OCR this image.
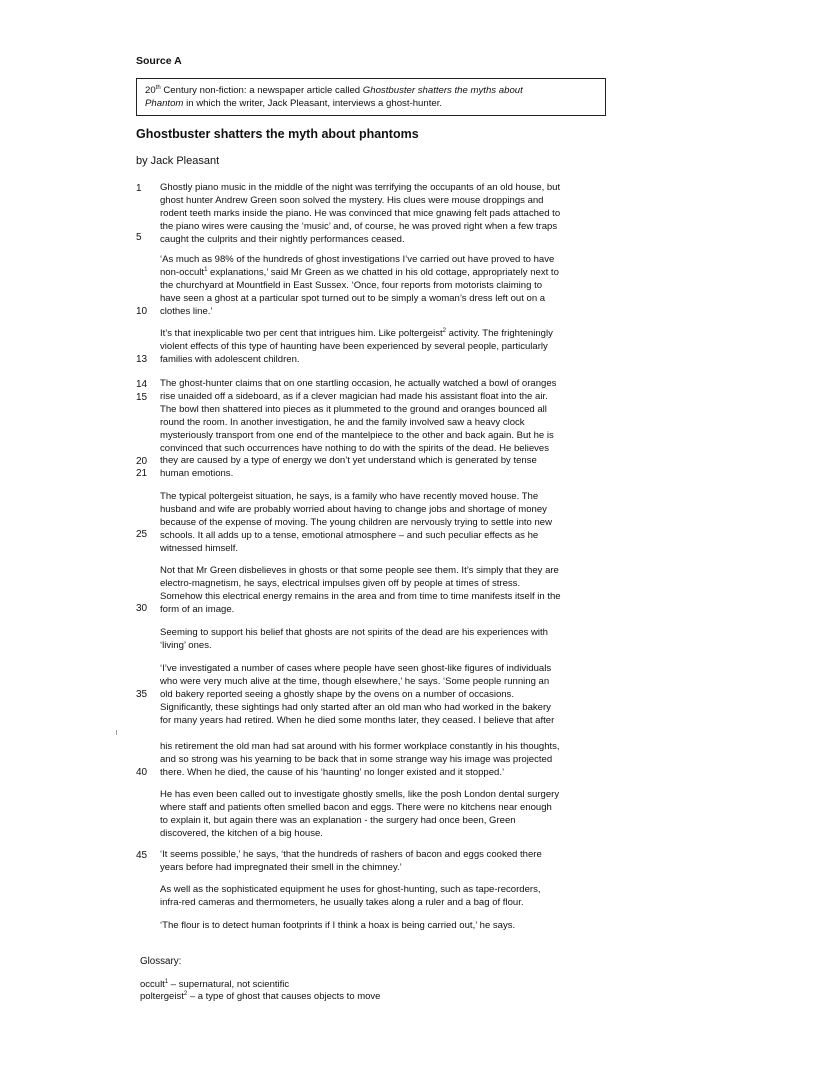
Source A
20th Century non-fiction: a newspaper article called Ghostbuster shatters the myths about
Phantom in which the writer, Jack Pleasant, interviews a ghost-hunter.
Ghostbuster shatters the myth about phantoms
by Jack Pleasant
1
5
Ghostly piano music in the middle of the night was terrifying the occupants of an old house, but
ghost hunter Andrew Green soon solved the mystery. His clues were mouse droppings and
rodent teeth marks inside the piano. He was convinced that mice gnawing felt pads attached to
the piano wires were causing the ‘music’ and, of course, he was proved right when a few traps
caught the culprits and their nightly performances ceased.
10
‘As much as 98% of the hundreds of ghost investigations I’ve carried out have proved to have
non-occult$^1$ explanations,’ said Mr Green as we chatted in his old cottage, appropriately next to
the churchyard at Mountfield in East Sussex. ‘Once, four reports from motorists claiming to
have seen a ghost at a particular spot turned out to be simply a woman’s dress left out on a
clothes line.’
13
It’s that inexplicable two per cent that intrigues him. Like poltergeist$^2$ activity. The frighteningly
violent effects of this type of haunting have been experienced by several people, particularly
families with adolescent children.
14
15
20
21
The ghost-hunter claims that on one startling occasion, he actually watched a bowl of oranges
rise unaided off a sideboard, as if a clever magician had made his assistant float into the air.
The bowl then shattered into pieces as it plummeted to the ground and oranges bounced all
round the room. In another investigation, he and the family involved saw a heavy clock
mysteriously transport from one end of the mantelpiece to the other and back again. But he is
convinced that such occurrences have nothing to do with the spirits of the dead. He believes
they are caused by a type of energy we don’t yet understand which is generated by tense
human emotions.
25
The typical poltergeist situation, he says, is a family who have recently moved house. The
husband and wife are probably worried about having to change jobs and shortage of money
because of the expense of moving. The young children are nervously trying to settle into new
schools. It all adds up to a tense, emotional atmosphere – and such peculiar effects as he
witnessed himself.
30
Not that Mr Green disbelieves in ghosts or that some people see them. It’s simply that they are
electro-magnetism, he says, electrical impulses given off by people at times of stress.
Somehow this electrical energy remains in the area and from time to time manifests itself in the
form of an image.
Seeming to support his belief that ghosts are not spirits of the dead are his experiences with
‘living’ ones.
35
‘I’ve investigated a number of cases where people have seen ghost-like figures of individuals
who were very much alive at the time, though elsewhere,’ he says. ‘Some people running an
old bakery reported seeing a ghostly shape by the ovens on a number of occasions.
Significantly, these sightings had only started after an old man who had worked in the bakery
for many years had retired. When he died some months later, they ceased. I believe that after
40
his retirement the old man had sat around with his former workplace constantly in his thoughts,
and so strong was his yearning to be back that in some strange way his image was projected
there. When he died, the cause of his ‘haunting’ no longer existed and it stopped.’
He has even been called out to investigate ghostly smells, like the posh London dental surgery
where staff and patients often smelled bacon and eggs. There were no kitchens near enough
to explain it, but again there was an explanation - the surgery had once been, Green
discovered, the kitchen of a big house.
45 ‘It seems possible,’ he says, ‘that the hundreds of rashers of bacon and eggs cooked there
years before had impregnated their smell in the chimney.’
As well as the sophisticated equipment he uses for ghost-hunting, such as tape-recorders,
infra-red cameras and thermometers, he usually takes along a ruler and a bag of flour.
‘The flour is to detect human footprints if I think a hoax is being carried out,’ he says.
Glossary:
occult$^1$ – supernatural, not scientific
poltergeist$^2$ – a type of ghost that causes objects to move
